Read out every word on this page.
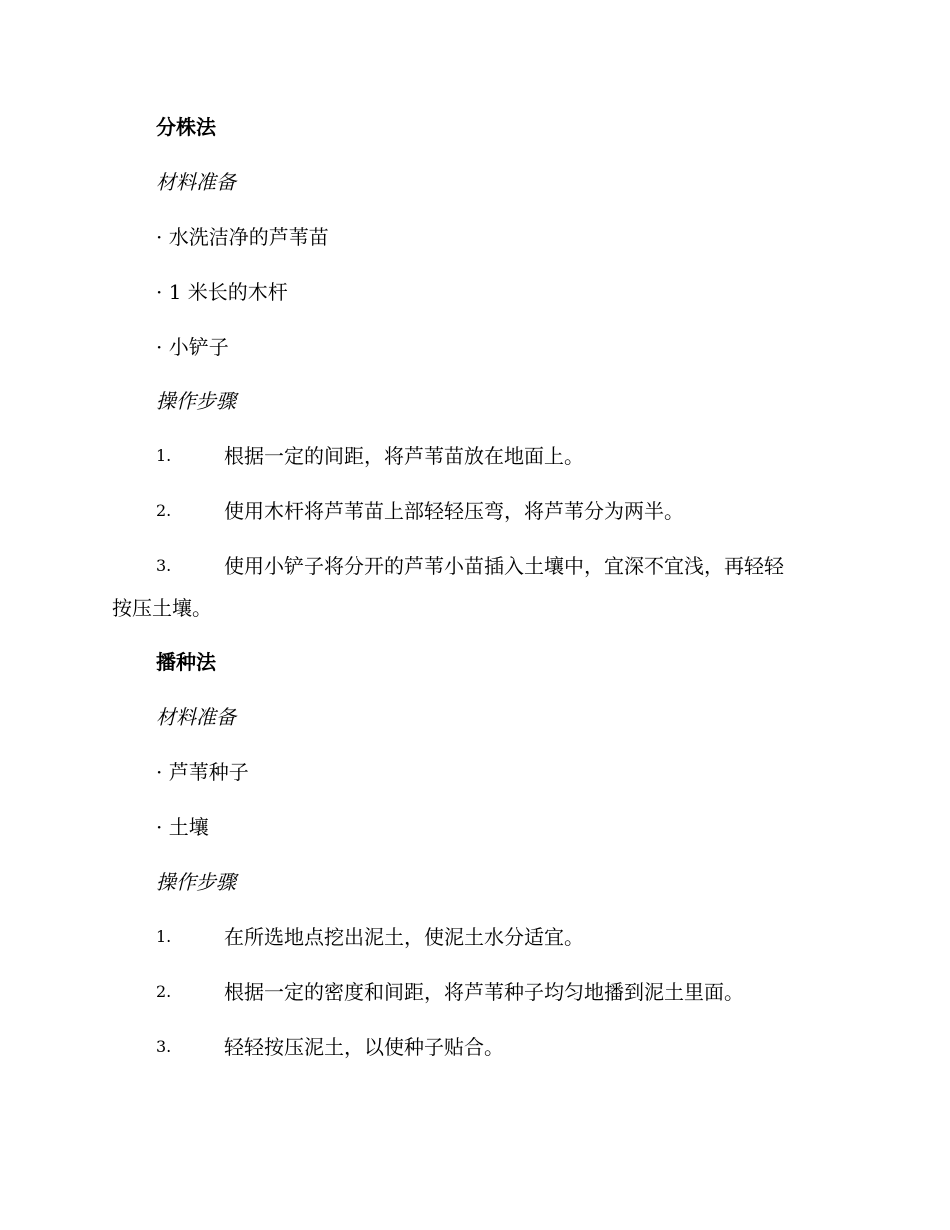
分株法
材料准备
· 水洗洁净的芦苇苗
· 1 米长的木杆
· 小铲子
操作步骤
1.	根据一定的间距，将芦苇苗放在地面上。
2.	使用木杆将芦苇苗上部轻轻压弯，将芦苇分为两半。
3.	使用小铲子将分开的芦苇小苗插入土壤中，宜深不宜浅，再轻轻
按压土壤。
播种法
材料准备
· 芦苇种子
· 土壤
操作步骤
1.	在所选地点挖出泥土，使泥土水分适宜。
2.	根据一定的密度和间距，将芦苇种子均匀地播到泥土里面。
3.	轻轻按压泥土，以使种子贴合。
